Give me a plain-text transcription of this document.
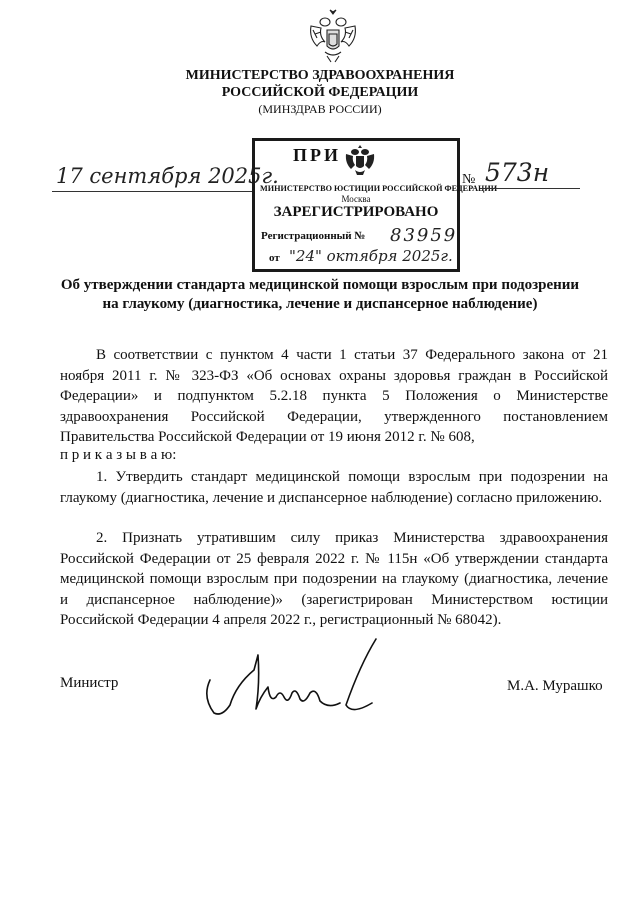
МИНИСТЕРСТВО ЗДРАВООХРАНЕНИЯ
РОССИЙСКОЙ ФЕДЕРАЦИИ
(МИНЗДРАВ РОССИИ)
17 сентября 2025г.
ПРИ
МИНИСТЕРСТВО ЮСТИЦИИ РОССИЙСКОЙ ФЕДЕРАЦИИ
Москва
ЗАРЕГИСТРИРОВАНО
Регистрационный № 83959
от "24" октября 2025г.
№ 573н
Об утверждении стандарта медицинской помощи взрослым при подозрении
на глаукому (диагностика, лечение и диспансерное наблюдение)
В соответствии с пунктом 4 части 1 статьи 37 Федерального закона от 21 ноября 2011 г. № 323-ФЗ «Об основах охраны здоровья граждан в Российской Федерации» и подпунктом 5.2.18 пункта 5 Положения о Министерстве здравоохранения Российской Федерации, утвержденного постановлением Правительства Российской Федерации от 19 июня 2012 г. № 608,
п р и к а з ы в а ю:
1. Утвердить стандарт медицинской помощи взрослым при подозрении на глаукому (диагностика, лечение и диспансерное наблюдение) согласно приложению.
2. Признать утратившим силу приказ Министерства здравоохранения Российской Федерации от 25 февраля 2022 г. № 115н «Об утверждении стандарта медицинской помощи взрослым при подозрении на глаукому (диагностика, лечение и диспансерное наблюдение)» (зарегистрирован Министерством юстиции Российской Федерации 4 апреля 2022 г., регистрационный № 68042).
Министр	М.А. Мурашко
